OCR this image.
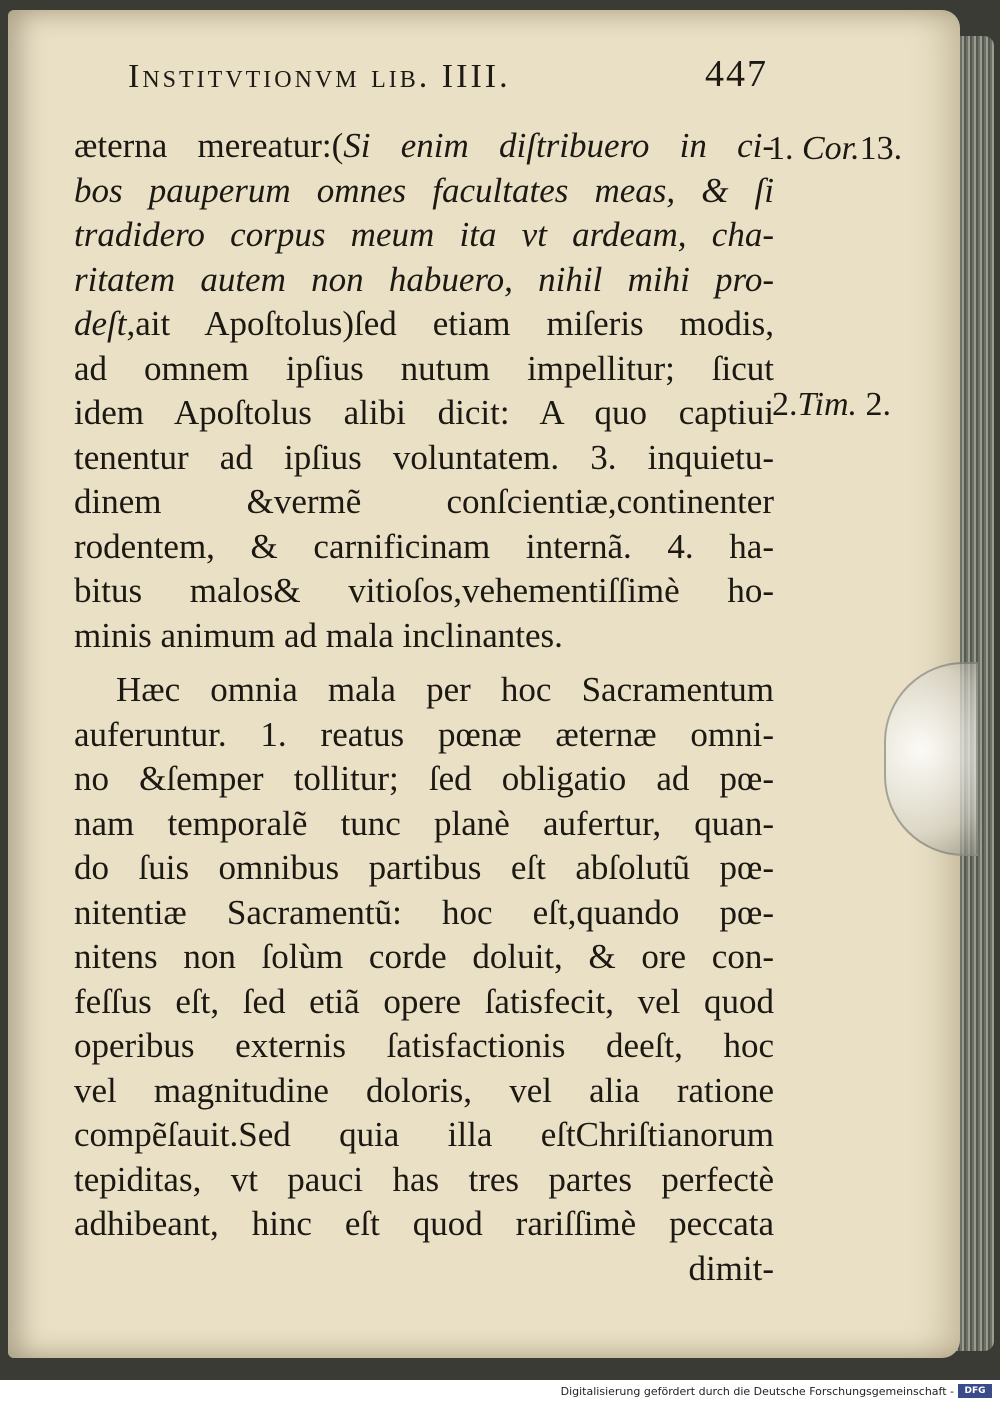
Institvtionvm lib. IIII.	447
æterna mereatur:(Si enim diſtribuero in ci-
bos pauperum omnes facultates meas, & ſi
tradidero corpus meum ita vt ardeam, cha-
ritatem autem non habuero, nihil mihi pro-
deſt,ait Apoſtolus)ſed etiam miſeris modis,
ad omnem ipſius nutum impellitur; ſicut
idem Apoſtolus alibi dicit: A quo captiui
tenentur ad ipſius voluntatem. 3. inquietu-
dinem &vermẽ conſcientiæ,continenter
rodentem, & carnificinam internã. 4. ha-
bitus malos& vitioſos,vehementiſſimè ho-
minis animum ad mala inclinantes.
Hæc omnia mala per hoc Sacramentum
auferuntur. 1. reatus pœnæ æternæ omni-
no &ſemper tollitur; ſed obligatio ad pœ-
nam temporalẽ tunc planè aufertur, quan-
do ſuis omnibus partibus eſt abſolutũ pœ-
nitentiæ Sacramentũ: hoc eſt,quando pœ-
nitens non ſolùm corde doluit, & ore con-
feſſus eſt, ſed etiã opere ſatisfecit, vel quod
operibus externis ſatisfactionis deeſt, hoc
vel magnitudine doloris, vel alia ratione
compẽſauit.Sed quia illa eſtChriſtianorum
tepiditas, vt pauci has tres partes perfectè
adhibeant, hinc eſt quod rariſſimè peccata
dimit-
1. Cor.13.
2.Tim. 2.
Digitalisierung gefördert durch die Deutsche Forschungsgemeinschaft -	DFG
